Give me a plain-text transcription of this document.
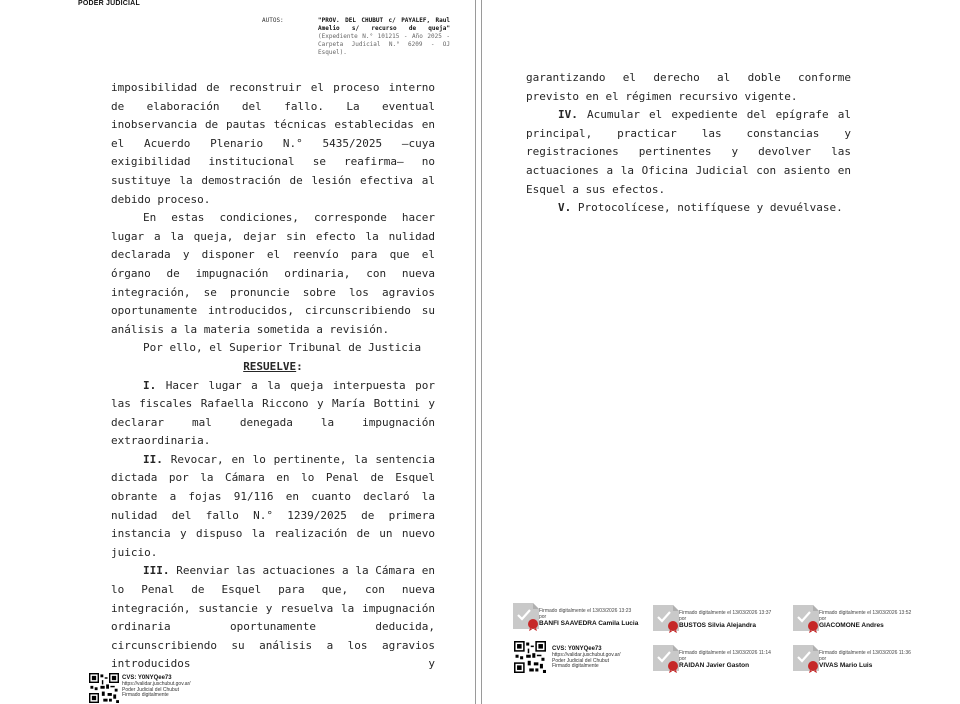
PODER JUDICIAL
AUTOS:	"PROV. DEL CHUBUT c/ PAYALEF, Raul Amelio s/ recurso de queja" (Expediente N.° 101215 - Año 2025 - Carpeta Judicial N.° 6209 - OJ Esquel).

imposibilidad de reconstruir el proceso interno de elaboración del fallo. La eventual inobservancia de pautas técnicas establecidas en el Acuerdo Plenario N.° 5435/2025 —cuya exigibilidad institucional se reafirma— no sustituye la demostración de lesión efectiva al debido proceso.

En estas condiciones, corresponde hacer lugar a la queja, dejar sin efecto la nulidad declarada y disponer el reenvío para que el órgano de impugnación ordinaria, con nueva integración, se pronuncie sobre los agravios oportunamente introducidos, circunscribiendo su análisis a la materia sometida a revisión.

Por ello, el Superior Tribunal de Justicia

RESUELVE:

I. Hacer lugar a la queja interpuesta por las fiscales Rafaella Riccono y María Bottini y declarar mal denegada la impugnación extraordinaria.

II. Revocar, en lo pertinente, la sentencia dictada por la Cámara en lo Penal de Esquel obrante a fojas 91/116 en cuanto declaró la nulidad del fallo N.° 1239/2025 de primera instancia y dispuso la realización de un nuevo juicio.

III. Reenviar las actuaciones a la Cámara en lo Penal de Esquel para que, con nueva integración, sustancie y resuelva la impugnación ordinaria oportunamente deducida, circunscribiendo su análisis a los agravios introducidos y

CVS: Y0NYQee73
https://validar.juschubut.gov.ar/
Poder Judicial del Chubut
Firmado digitalmente

garantizando el derecho al doble conforme previsto en el régimen recursivo vigente.

IV. Acumular el expediente del epígrafe al principal, practicar las constancias y registraciones pertinentes y devolver las actuaciones a la Oficina Judicial con asiento en Esquel a sus efectos.

V. Protocolícese, notifíquese y devuélvase.

Firmado digitalmente el 13/03/2026 13:23
por
BANFI SAAVEDRA Camila Lucia
Firmado digitalmente el 13/03/2026 13:37
por
BUSTOS Silvia Alejandra
Firmado digitalmente el 13/03/2026 13:52
por
GIACOMONE Andres
CVS: Y0NYQee73
https://validar.juschubut.gov.ar/
Poder Judicial del Chubut
Firmado digitalmente
Firmado digitalmente el 13/03/2026 11:14
por
RAIDAN Javier Gaston
Firmado digitalmente el 13/03/2026 11:36
por
VIVAS Mario Luis
